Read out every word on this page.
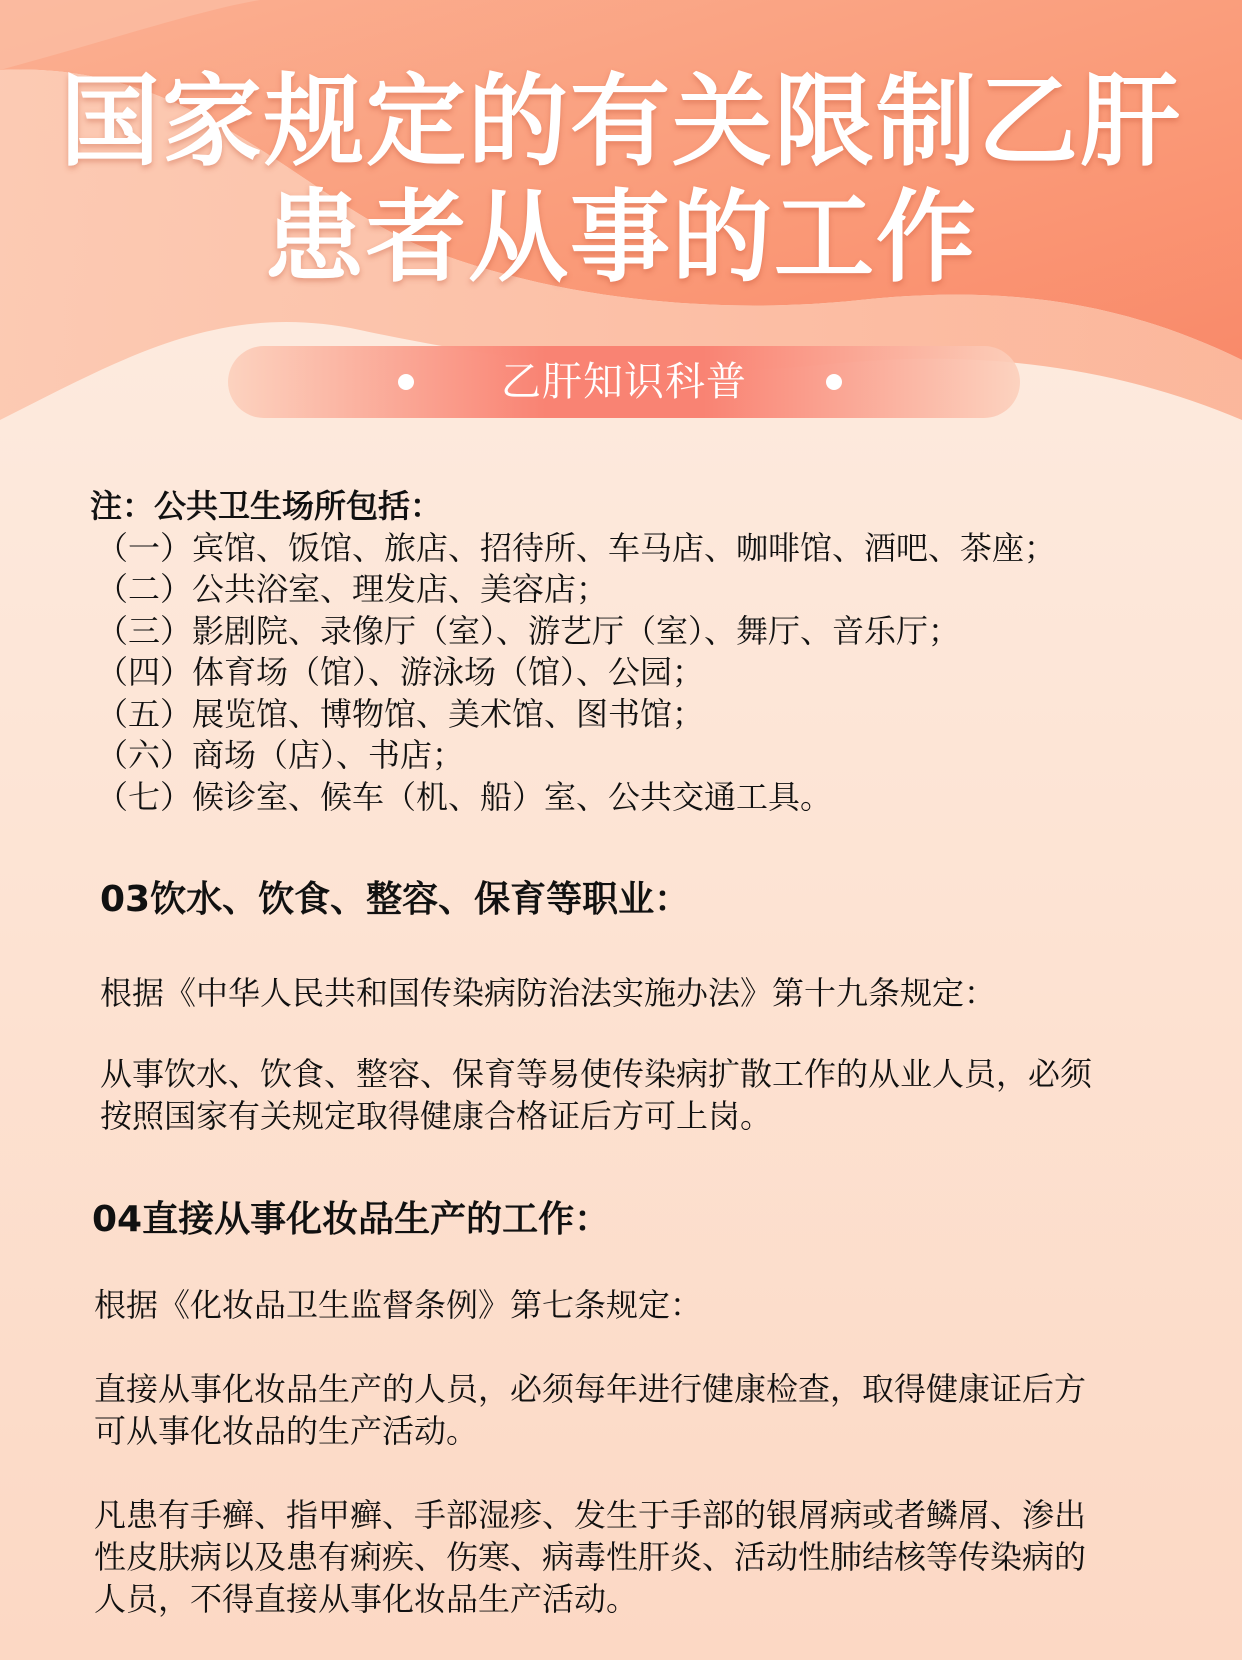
国家规定的有关限制乙肝
患者从事的工作
乙肝知识科普
注：公共卫生场所包括：
（一）宾馆、饭馆、旅店、招待所、车马店、咖啡馆、酒吧、茶座；
（二）公共浴室、理发店、美容店；
（三）影剧院、录像厅（室）、游艺厅（室）、舞厅、音乐厅；
（四）体育场（馆）、游泳场（馆）、公园；
（五）展览馆、博物馆、美术馆、图书馆；
（六）商场（店）、书店；
（七）候诊室、候车（机、船）室、公共交通工具。
03饮水、饮食、整容、保育等职业：
根据《中华人民共和国传染病防治法实施办法》第十九条规定：
从事饮水、饮食、整容、保育等易使传染病扩散工作的从业人员，必须
按照国家有关规定取得健康合格证后方可上岗。
04直接从事化妆品生产的工作：
根据《化妆品卫生监督条例》第七条规定：
直接从事化妆品生产的人员，必须每年进行健康检查，取得健康证后方
可从事化妆品的生产活动。
凡患有手癣、指甲癣、手部湿疹、发生于手部的银屑病或者鳞屑、渗出
性皮肤病以及患有痢疾、伤寒、病毒性肝炎、活动性肺结核等传染病的
人员，不得直接从事化妆品生产活动。
